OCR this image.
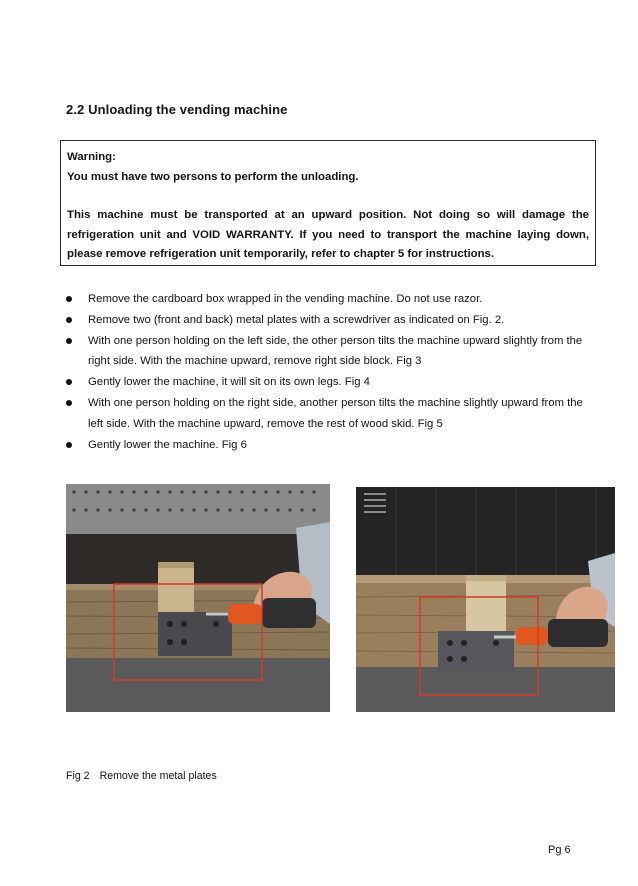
2.2 Unloading the vending machine
Warning:
You must have two persons to perform the unloading.
This machine must be transported at an upward position. Not doing so will damage the
refrigeration unit and VOID WARRANTY. If you need to transport the machine laying down,
please remove refrigeration unit temporarily, refer to chapter 5 for instructions.
Remove the cardboard box wrapped in the vending machine. Do not use razor.
Remove two (front and back) metal plates with a screwdriver as indicated on Fig. 2.
With one person holding on the left side, the other person tilts the machine upward slightly from the right side. With the machine upward, remove right side block. Fig 3
Gently lower the machine, it will sit on its own legs. Fig 4
With one person holding on the right side, another person tilts the machine slightly upward from the left side. With the machine upward, remove the rest of wood skid. Fig 5
Gently lower the machine. Fig 6
Fig 2 Remove the metal plates
Pg 6
